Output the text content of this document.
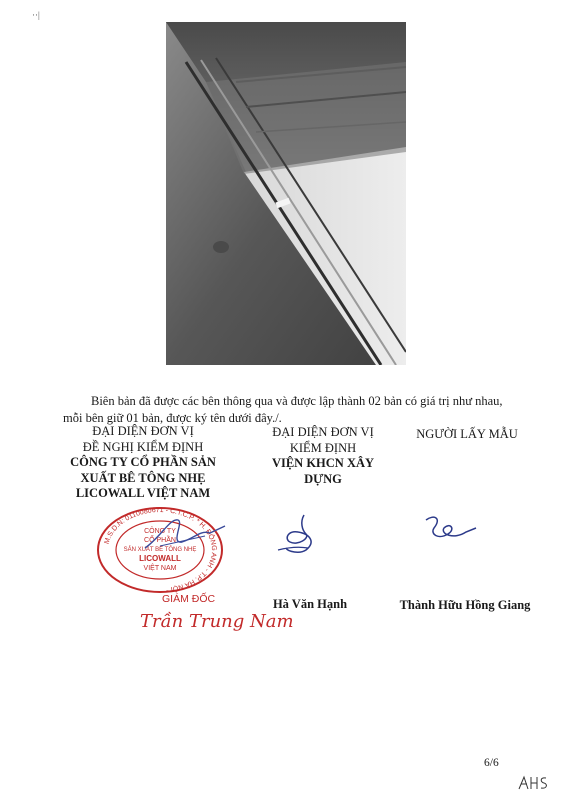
··|
Biên bản đã được các bên thông qua và được lập thành 02 bản có giá trị như nhau, mỗi bên giữ 01 bản, được ký tên dưới đây./.
ĐẠI DIỆN ĐƠN VỊ
ĐỀ NGHỊ KIỂM ĐỊNH
CÔNG TY CỔ PHẦN SẢN
XUẤT BÊ TÔNG NHẸ
LICOWALL VIỆT NAM
ĐẠI DIỆN ĐƠN VỊ
KIỂM ĐỊNH
VIỆN KHCN XÂY
DỰNG
NGƯỜI LẤY MẪU
M.S.D.N: 0110080671 - C.T.C.P. * H. ĐÔNG ANH - T.P. HÀ NỘI *
CÔNG TY
CỔ PHẦN
SẢN XUẤT BÊ TÔNG NHẸ
LICOWALL
VIỆT NAM
GIÁM ĐỐC
Trần Trung Nam
Hà Văn Hạnh	Thành Hữu Hồng Giang
6/6
